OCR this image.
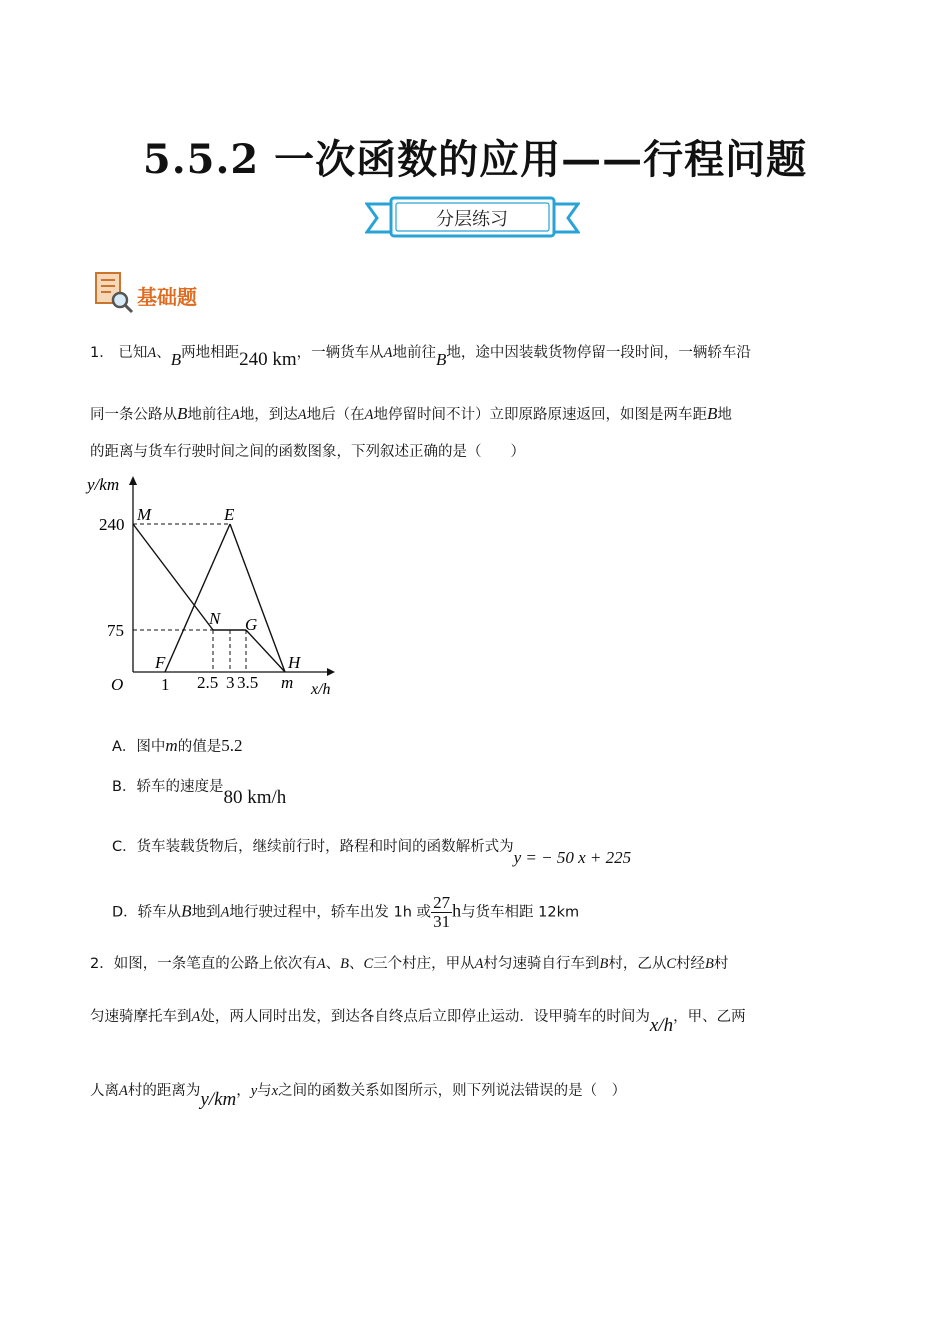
5.5.2 一次函数的应用——行程问题
分层练习
基础题
1． 已知A、B两地相距240 km，一辆货车从A地前往B地，途中因装载货物停留一段时间，一辆轿车沿
同一条公路从B地前往A地，到达A地后（在A地停留时间不计）立即原路原速返回，如图是两车距B地
的距离与货车行驶时间之间的函数图象，下列叙述正确的是（　　）
y/km
x/h
240
75
O 1 2.5 3 3.5 m
M	E
N G
F	H
A．图中m的值是5.2
B．轿车的速度是80 km/h
C．货车装载货物后，继续前行时，路程和时间的函数解析式为y = − 50 x + 225
D．轿车从B地到A地行驶过程中，轿车出发 1h 或 $\frac{27}{31}$ h与货车相距 12km
2．如图，一条笔直的公路上依次有A、B、C三个村庄，甲从A村匀速骑自行车到B村，乙从C村经B村
匀速骑摩托车到A处，两人同时出发，到达各自终点后立即停止运动．设甲骑车的时间为x/h，甲、乙两
人离A村的距离为y/km，y与x之间的函数关系如图所示，则下列说法错误的是（　）
